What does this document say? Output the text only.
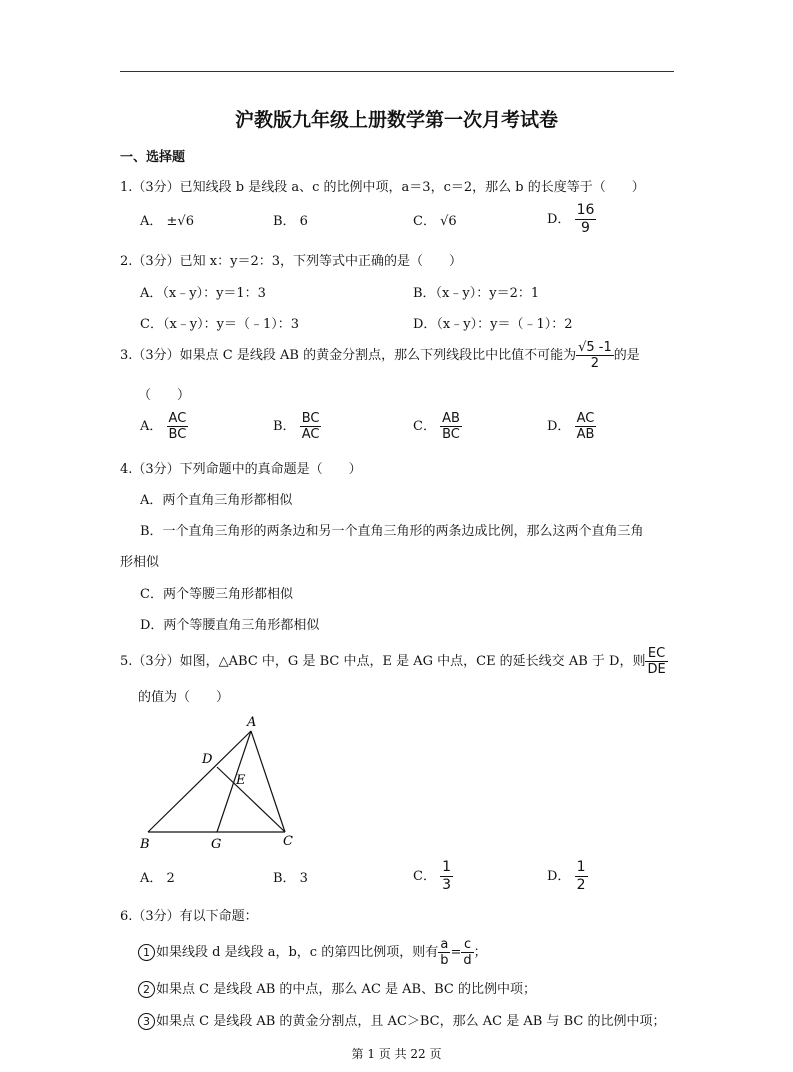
沪教版九年级上册数学第一次月考试卷
一、选择题
1.（3分）已知线段 b 是线段 a、c 的比例中项，a＝3，c＝2，那么 b 的长度等于（　　）
A． ±√6	B． 6	C． √6	D． $\frac{16}{9}$
2.（3分）已知 x：y＝2：3，下列等式中正确的是（　　）
A．（x﹣y）：y＝1：3	B．（x﹣y）：y＝2：1
C．（x﹣y）：y＝（﹣1）：3	D．（x﹣y）：y＝（﹣1）：2
3.（3分）如果点 C 是线段 AB 的黄金分割点，那么下列线段比中比值不可能为 $\frac{√5 -1}{2}$ 的是
（　　）
A． $\frac{AC}{BC}$	B． $\frac{BC}{AC}$	C． $\frac{AB}{BC}$	D． $\frac{AC}{AB}$
4.（3分）下列命题中的真命题是（　　）
A．两个直角三角形都相似
B．一个直角三角形的两条边和另一个直角三角形的两条边成比例，那么这两个直角三角
形相似
C．两个等腰三角形都相似
D．两个等腰直角三角形都相似
5.（3分）如图，△ABC 中，G 是 BC 中点，E 是 AG 中点，CE 的延长线交 AB 于 D，则 $\frac{EC}{DE}$
的值为（　　）
A
B	C
D
E
G
A． 2	B． 3	C． $\frac{1}{3}$	D． $\frac{1}{2}$
6.（3分）有以下命题：
1 如果线段 d 是线段 a，b，c 的第四比例项，则有 $\frac{a}{b} = \frac{c}{d}$ ；
2 如果点 C 是线段 AB 的中点，那么 AC 是 AB、BC 的比例中项；
3 如果点 C 是线段 AB 的黄金分割点，且 AC＞BC，那么 AC 是 AB 与 BC 的比例中项；
第 1 页 共 22 页
